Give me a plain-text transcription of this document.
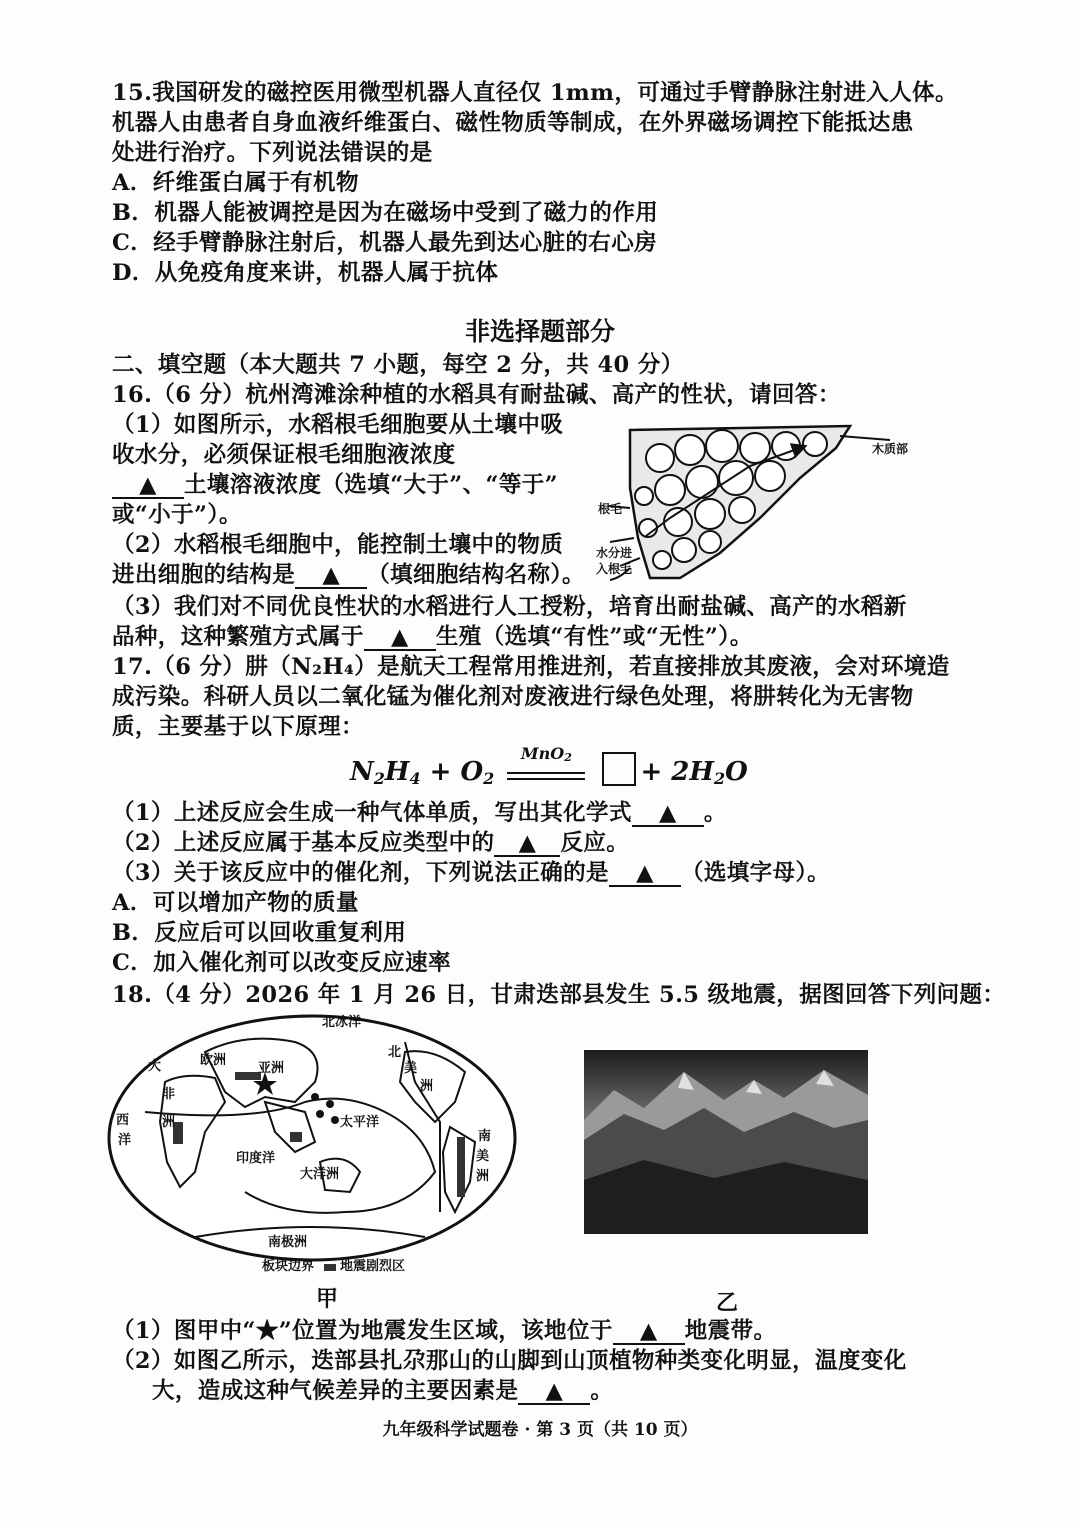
15.我国研发的磁控医用微型机器人直径仅 1mm，可通过手臂静脉注射进入人体。
机器人由患者自身血液纤维蛋白、磁性物质等制成，在外界磁场调控下能抵达患
处进行治疗。下列说法错误的是
A．纤维蛋白属于有机物
B．机器人能被调控是因为在磁场中受到了磁力的作用
C．经手臂静脉注射后，机器人最先到达心脏的右心房
D．从免疫角度来讲，机器人属于抗体
非选择题部分
二、填空题（本大题共 7 小题，每空 2 分，共 40 分）
16.（6 分）杭州湾滩涂种植的水稻具有耐盐碱、高产的性状，请回答：
（1）如图所示，水稻根毛细胞要从土壤中吸
收水分，必须保证根毛细胞液浓度
▲ 土壤溶液浓度（选填“大于”、“等于”
或“小于”）。
（2）水稻根毛细胞中，能控制土壤中的物质
进出细胞的结构是 ▲ （填细胞结构名称）。
（3）我们对不同优良性状的水稻进行人工授粉，培育出耐盐碱、高产的水稻新
品种，这种繁殖方式属于 ▲ 生殖（选填“有性”或“无性”）。
木质部
根毛
水分进
入根毛
17.（6 分）肼（N₂H₄）是航天工程常用推进剂，若直接排放其废液，会对环境造
成污染。科研人员以二氧化锰为催化剂对废液进行绿色处理，将肼转化为无害物
质，主要基于以下原理：
$N_2H_4 + O_2$
MnO$_2$	+ $2H_2O$
（1）上述反应会生成一种气体单质，写出其化学式 ▲ 。
（2）上述反应属于基本反应类型中的 ▲ 反应。
（3）关于该反应中的催化剂，下列说法正确的是 ▲ （选填字母）。
A．可以增加产物的质量
B．反应后可以回收重复利用
C．加入催化剂可以改变反应速率
18.（4 分）2026 年 1 月 26 日，甘肃迭部县发生 5.5 级地震，据图回答下列问题：
北冰洋
欧洲
亚洲
大
西
洋
非
洲
北
美
洲
太平洋
印度洋
大洋洲
南
美
洲
南极洲
板块边界 地震剧烈区
甲	乙
（1）图甲中“★”位置为地震发生区域，该地位于 ▲ 地震带。
（2）如图乙所示，迭部县扎尕那山的山脚到山顶植物种类变化明显，温度变化
大，造成这种气候差异的主要因素是 ▲ 。
九年级科学试题卷 · 第 3 页（共 10 页）
